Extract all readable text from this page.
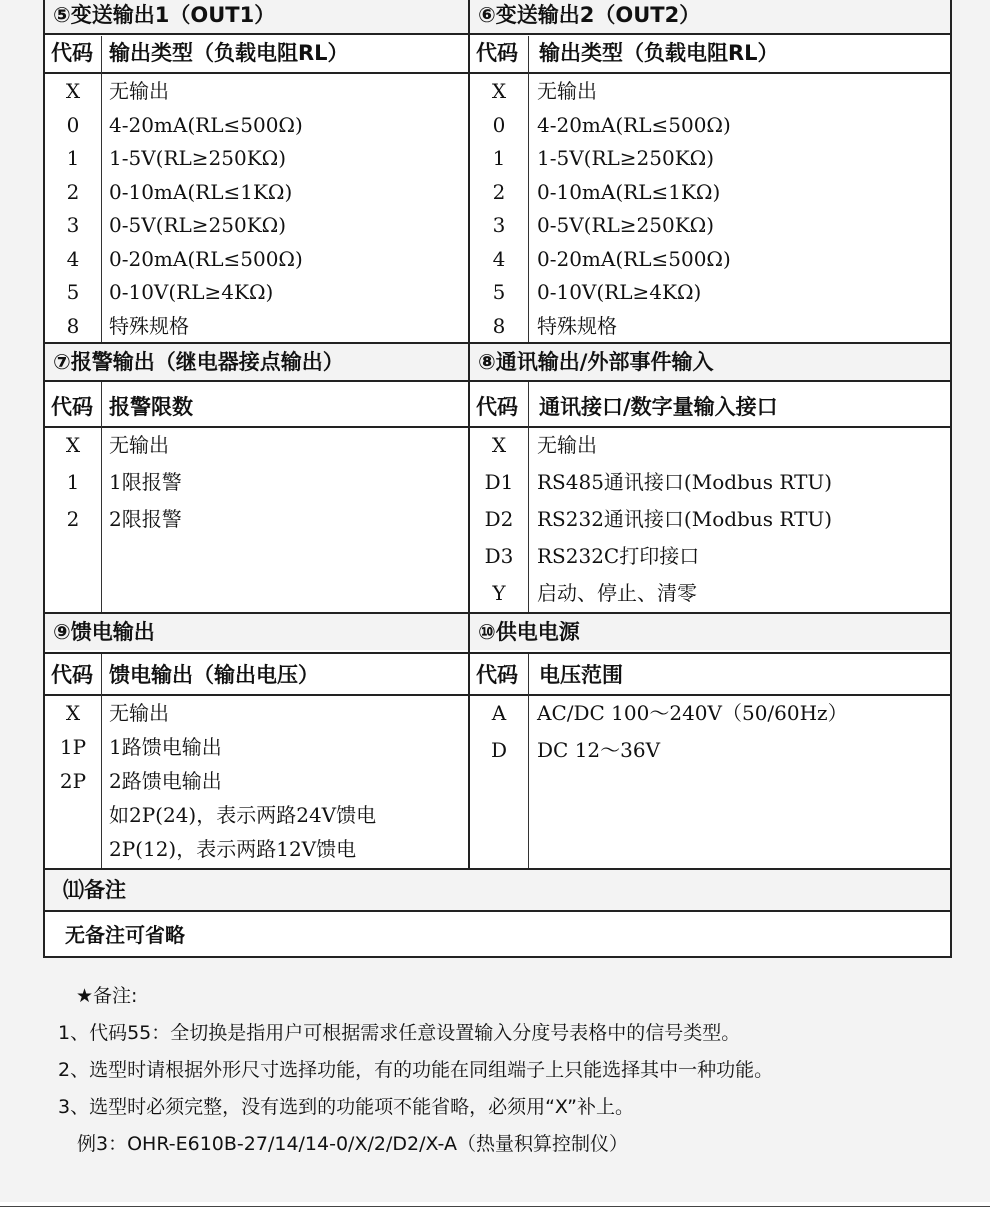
⑤变送输出1（OUT1）	⑥变送输出2（OUT2）
代码 输出类型（负载电阻RL）	代码 输出类型（负载电阻RL）
X	无输出
0	4-20mA(RL≤500Ω)
1	1-5V(RL≥250KΩ)
2	0-10mA(RL≤1KΩ)
3	0-5V(RL≥250KΩ)
4	0-20mA(RL≤500Ω)
5	0-10V(RL≥4KΩ)
8	特殊规格
X	无输出
0	4-20mA(RL≤500Ω)
1	1-5V(RL≥250KΩ)
2	0-10mA(RL≤1KΩ)
3	0-5V(RL≥250KΩ)
4	0-20mA(RL≤500Ω)
5	0-10V(RL≥4KΩ)
8	特殊规格
⑦报警输出（继电器接点输出）	⑧通讯输出/外部事件输入
代码 报警限数	代码 通讯接口/数字量输入接口
X	无输出
1	1限报警
2	2限报警
X	无输出
D1	RS485通讯接口(Modbus RTU)
D2	RS232通讯接口(Modbus RTU)
D3	RS232C打印接口
Y	启动、停止、清零
⑨馈电输出	⑩供电电源
代码 馈电输出（输出电压）	代码 电压范围
X	无输出
1P	1路馈电输出
2P	2路馈电输出
如2P(24)，表示两路24V馈电
2P(12)，表示两路12V馈电
A	AC/DC 100～240V（50/60Hz）
D	DC 12～36V
⑾备注
无备注可省略
★备注:
1、代码55：全切换是指用户可根据需求任意设置输入分度号表格中的信号类型。
2、选型时请根据外形尺寸选择功能，有的功能在同组端子上只能选择其中一种功能。
3、选型时必须完整，没有选到的功能项不能省略，必须用“X”补上。
　例3：OHR-E610B-27/14/14-0/X/2/D2/X-A（热量积算控制仪）
